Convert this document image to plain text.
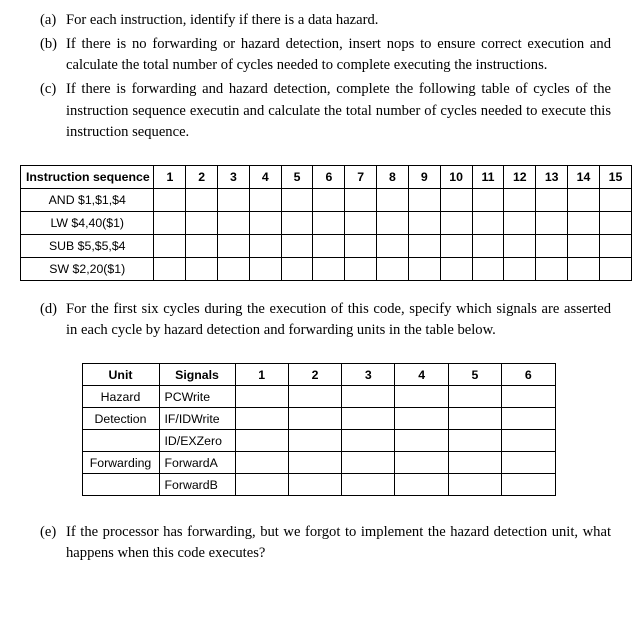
(a) For each instruction, identify if there is a data hazard.
(b) If there is no forwarding or hazard detection, insert nops to ensure correct execution and calculate the total number of cycles needed to complete executing the instructions.
(c) If there is forwarding and hazard detection, complete the following table of cycles of the instruction sequence executin and calculate the total number of cycles needed to execute this instruction sequence.
Instruction sequence	1	2	3	4	5	6	7	8	9	10	11	12	13	14	15
AND $1,$1,$4															
LW $4,40($1)															
SUB $5,$5,$4															
SW $2,20($1)															
(d) For the first six cycles during the execution of this code, specify which signals are asserted in each cycle by hazard detection and forwarding units in the table below.
Unit	Signals	1	2	3	4	5	6
Hazard	PCWrite						
Detection	IF/IDWrite						
	ID/EXZero						
Forwarding	ForwardA						
	ForwardB						
(e) If the processor has forwarding, but we forgot to implement the hazard detection unit, what happens when this code executes?
